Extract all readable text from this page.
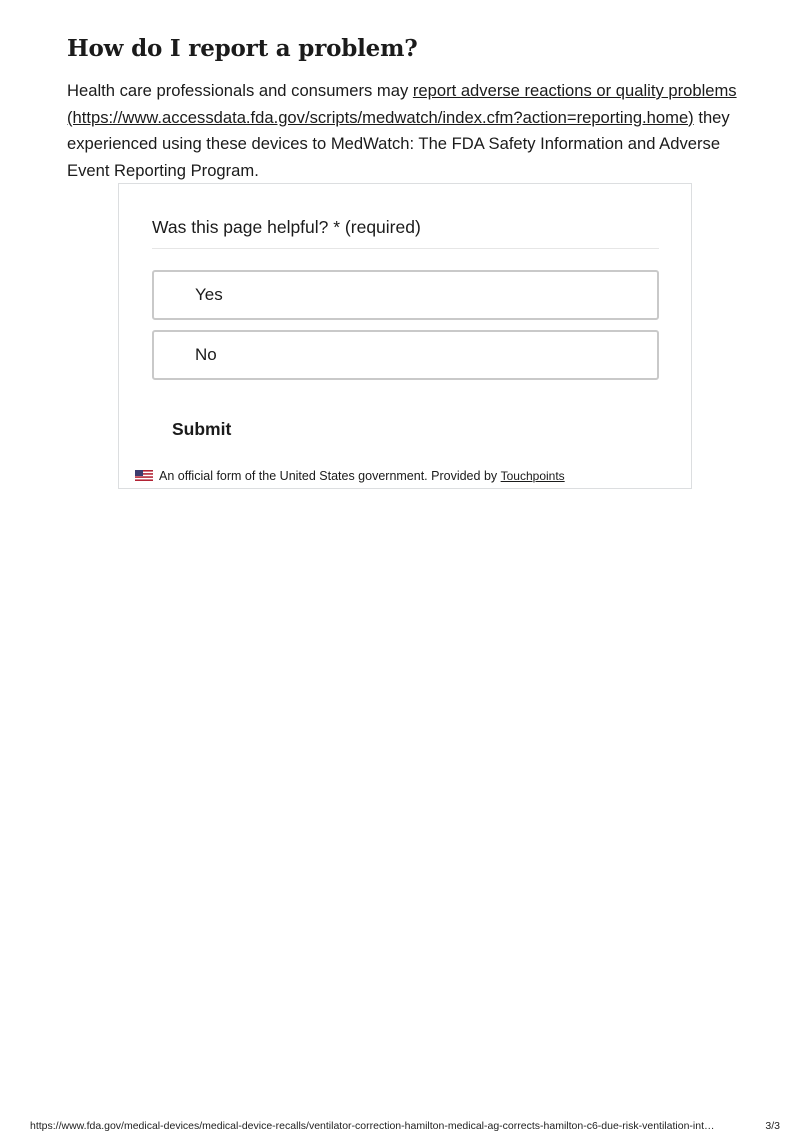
How do I report a problem?

Health care professionals and consumers may report adverse reactions or quality problems
(https://www.accessdata.fda.gov/scripts/medwatch/index.cfm?action=reporting.home) they experienced using these devices to MedWatch: The FDA Safety Information and Adverse Event Reporting Program.

Was this page helpful? * (required)
Yes
No
Submit
An official form of the United States government. Provided by Touchpoints
https://www.fda.gov/medical-devices/medical-device-recalls/ventilator-correction-hamilton-medical-ag-corrects-hamilton-c6-due-risk-ventilation-int…	3/3
